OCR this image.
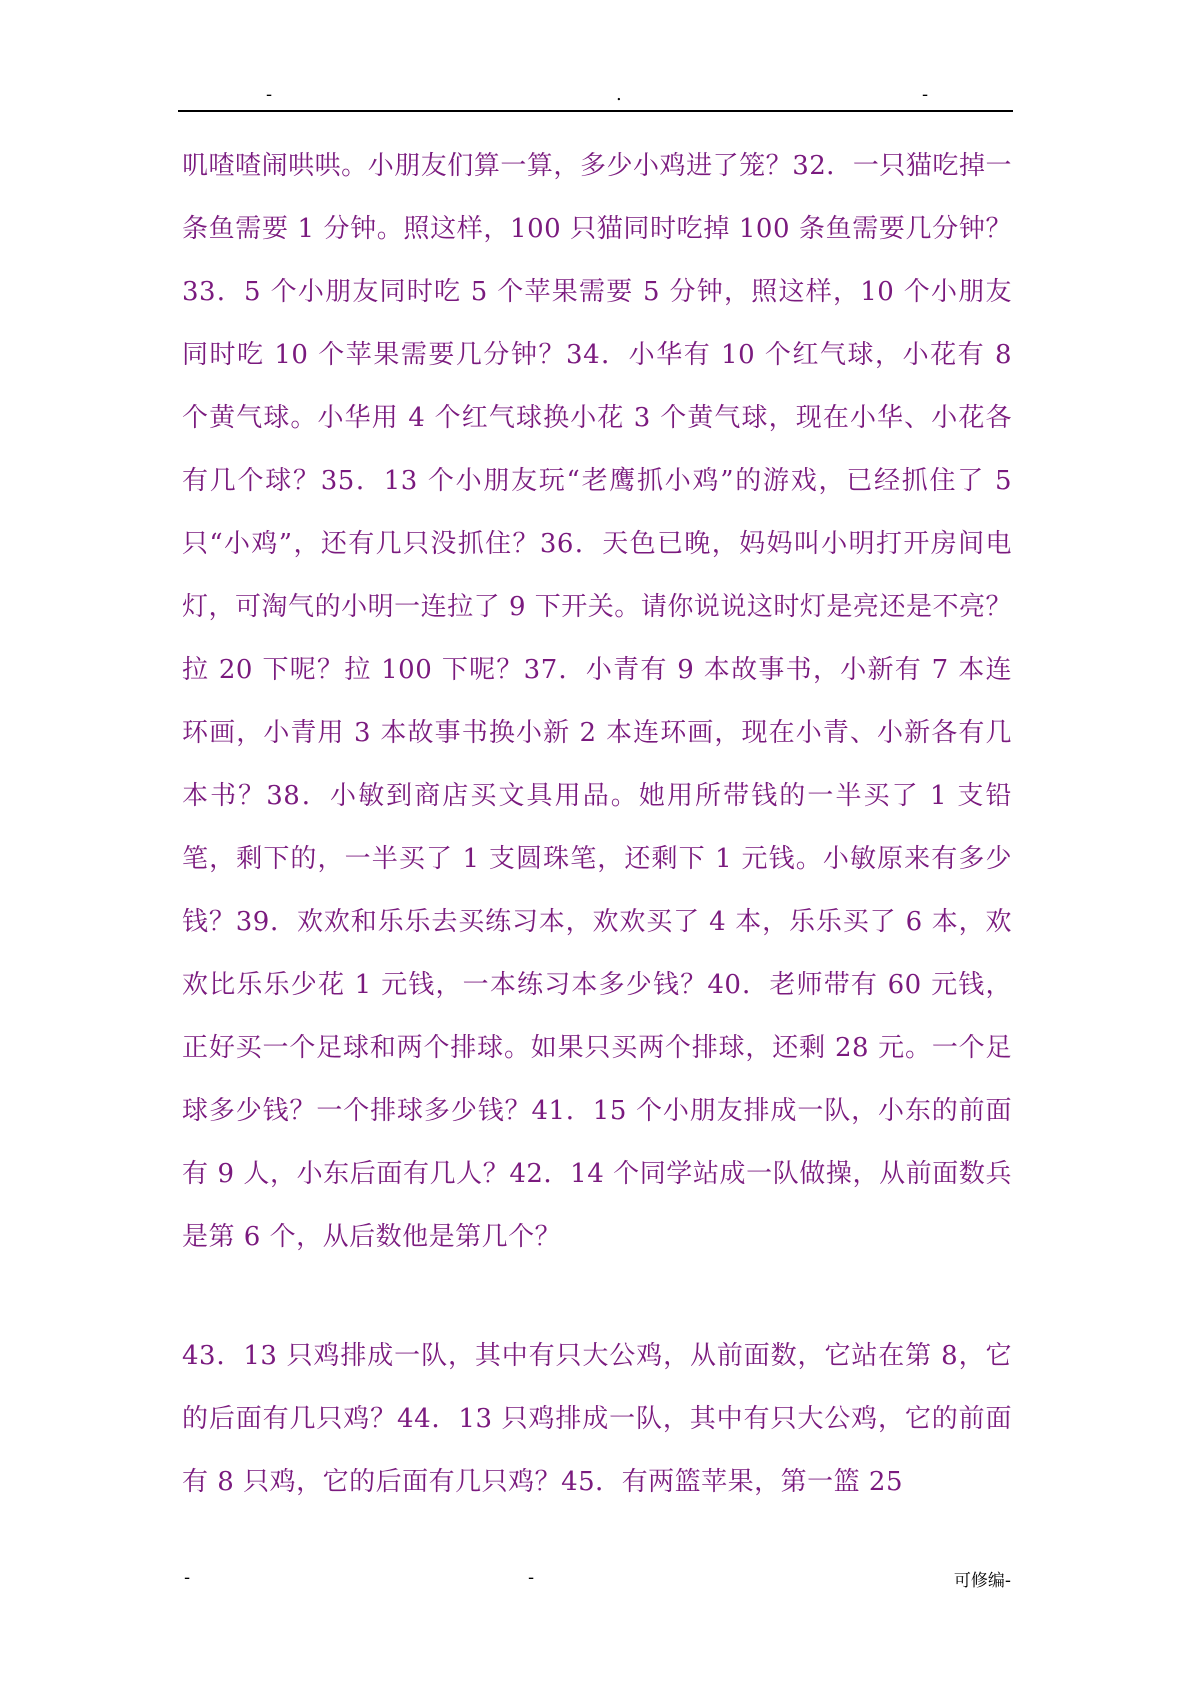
-	.	-

叽喳喳闹哄哄。小朋友们算一算，多少小鸡进了笼？32．一只猫吃掉一条鱼需要 1 分钟。照这样，100 只猫同时吃掉 100 条鱼需要几分钟？33．5 个小朋友同时吃 5 个苹果需要 5 分钟，照这样，10 个小朋友同时吃 10 个苹果需要几分钟？34．小华有 10 个红气球，小花有 8 个黄气球。小华用 4 个红气球换小花 3 个黄气球，现在小华、小花各有几个球？35．13 个小朋友玩“老鹰抓小鸡”的游戏，已经抓住了 5 只“小鸡”，还有几只没抓住？36．天色已晚，妈妈叫小明打开房间电灯，可淘气的小明一连拉了 9 下开关。请你说说这时灯是亮还是不亮？拉 20 下呢？拉 100 下呢？37．小青有 9 本故事书，小新有 7 本连环画，小青用 3 本故事书换小新 2 本连环画，现在小青、小新各有几本书？38．小敏到商店买文具用品。她用所带钱的一半买了 1 支铅笔，剩下的，一半买了 1 支圆珠笔，还剩下 1 元钱。小敏原来有多少钱？39．欢欢和乐乐去买练习本，欢欢买了 4 本，乐乐买了 6 本，欢欢比乐乐少花 1 元钱，一本练习本多少钱？40．老师带有 60 元钱，正好买一个足球和两个排球。如果只买两个排球，还剩 28 元。一个足球多少钱？一个排球多少钱？41．15 个小朋友排成一队，小东的前面有 9 人，小东后面有几人？42．14 个同学站成一队做操，从前面数兵是第 6 个，从后数他是第几个？

43．13 只鸡排成一队，其中有只大公鸡，从前面数，它站在第 8，它的后面有几只鸡？44．13 只鸡排成一队，其中有只大公鸡，它的前面有 8 只鸡，它的后面有几只鸡？45．有两篮苹果，第一篮 25

-	-	可修编-
